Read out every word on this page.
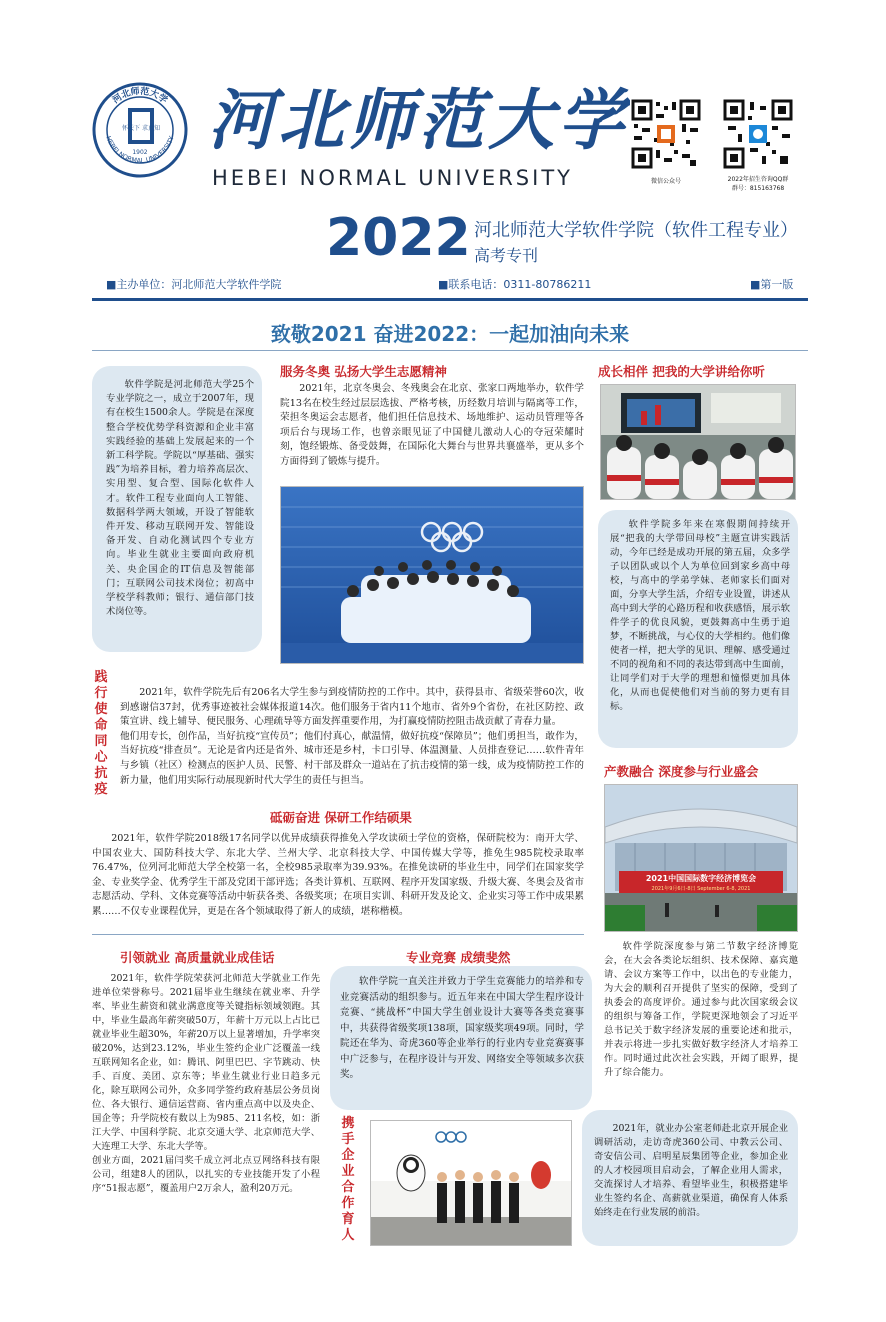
河北师范大学
HEBEI NORMAL UNIVERSITY
怀天下 求真知
1902 河北师范大学
HEBEI NORMAL UNIVERSITY	微信公众号	2022年招生咨询QQ群
群号：815163768
2022 河北师范大学软件学院（软件工程专业）
高考专刊
■主办单位：河北师范大学软件学院	■联系电话：0311-80786211	■第一版
致敬2021 奋进2022：一起加油向未来

软件学院是河北师范大学25个专业学院之一，成立于2007年，现有在校生1500余人。学院是在深度整合学校优势学科资源和企业丰富实践经验的基础上发展起来的一个新工科学院。学院以“厚基础、强实践”为培养目标，着力培养高层次、实用型、复合型、国际化软件人才。软件工程专业面向人工智能、数据科学两大领域，开设了智能软件开发、移动互联网开发、智能设备开发、自动化测试四个专业方向。毕业生就业主要面向政府机关、央企国企的IT信息及智能部门；互联网公司技术岗位；初高中学校学科教师；银行、通信部门技术岗位等。

服务冬奥 弘扬大学生志愿精神

2021年，北京冬奥会、冬残奥会在北京、张家口两地举办，软件学院13名在校生经过层层选拔、严格考核，历经数月培训与隔离等工作，荣担冬奥运会志愿者，他们担任信息技术、场地维护、运动员管理等各项后台与现场工作，也曾亲眼见证了中国健儿激动人心的夺冠荣耀时刻，饱经锻炼、备受鼓舞，在国际化大舞台与世界共襄盛举，更从多个方面得到了锻炼与提升。

成长相伴 把我的大学讲给你听

软件学院多年来在寒假期间持续开展“把我的大学带回母校”主题宣讲实践活动，今年已经是成功开展的第五届，众多学子以团队或以个人为单位回到家乡高中母校，与高中的学弟学妹、老师家长们面对面，分享大学生活，介绍专业设置，讲述从高中到大学的心路历程和收获感悟，展示软件学子的优良风貌，更鼓舞高中生勇于追梦，不断挑战，与心仪的大学相约。他们像使者一样，把大学的见识、理解、感受通过不同的视角和不同的表达带到高中生面前，让同学们对于大学的理想和憧憬更加具体化，从而也促使他们对当前的努力更有目标。

践行使命 同心抗疫

2021年，软件学院先后有206名大学生参与到疫情防控的工作中。其中，获得县市、省级荣誉60次，收到感谢信37封，优秀事迹被社会媒体报道14次。他们服务于省内11个地市、省外9个省份，在社区防控、政策宣讲、线上辅导、便民服务、心理疏导等方面发挥重要作用，为打赢疫情防控阻击战贡献了青春力量。
他们用专长，创作品，当好抗疫“宣传员”；他们付真心，献温情，做好抗疫“保障员”；他们勇担当，敢作为，当好抗疫“排查员”。无论是省内还是省外、城市还是乡村，卡口引导、体温测量、人员排查登记……软件青年与乡镇（社区）检测点的医护人员、民警、村干部及群众一道站在了抗击疫情的第一线，成为疫情防控工作的新力量，他们用实际行动展现新时代大学生的责任与担当。

砥砺奋进 保研工作结硕果

2021年，软件学院2018级17名同学以优异成绩获得推免入学攻读硕士学位的资格，保研院校为：南开大学、中国农业大、国防科技大学、东北大学、兰州大学、北京科技大学、中国传媒大学等，推免生985院校录取率76.47%，位列河北师范大学全校第一名，全校985录取率为39.93%。在推免读研的毕业生中，同学们在国家奖学金、专业奖学金、优秀学生干部及党团干部评选；各类计算机、互联网、程序开发国家级、升级大赛、冬奥会及省市志愿活动、学科、文体竞赛等活动中斩获各类、各级奖项；在项目实训、科研开发及论文、企业实习等工作中成果累累……不仅专业课程优异，更是在各个领域取得了新人的成绩，堪称楷模。

产教融合 深度参与行业盛会
2021中国国际数字经济博览会
2021年9月6日-8日 September 6-8, 2021

软件学院深度参与第二节数字经济博览会，在大会各类论坛组织、技术保障、嘉宾邀请、会议方案等工作中，以出色的专业能力，为大会的顺利召开提供了坚实的保障，受到了执委会的高度评价。通过参与此次国家级会议的组织与筹备工作，学院更深地领会了习近平总书记关于数字经济发展的重要论述和批示，并表示将进一步扎实做好数字经济人才培养工作。同时通过此次社会实践，开阔了眼界，提升了综合能力。

引领就业 高质量就业成佳话

2021年，软件学院荣获河北师范大学就业工作先进单位荣誉称号。2021届毕业生继续在就业率、升学率、毕业生薪资和就业满意度等关键指标领域领跑。其中，毕业生最高年薪突破50万，年薪十万元以上占比已就业毕业生超30%，年薪20万以上显著增加，升学率突破20%，达到23.12%，毕业生签约企业广泛覆盖一线互联网知名企业，如：腾讯、阿里巴巴、字节跳动、快手、百度、美团、京东等；毕业生就业行业日趋多元化，除互联网公司外，众多同学签约政府基层公务员岗位、各大银行、通信运营商、省内重点高中以及央企、国企等；升学院校有数以上为985、211名校，如：浙江大学、中国科学院、北京交通大学、北京师范大学、大连理工大学、东北大学等。
创业方面，2021届闫奖千成立河北点豆网络科技有限公司，组建8人的团队，以扎实的专业技能开发了小程序“51报志愿”，覆盖用户2万余人，盈利20万元。

专业竞赛 成绩斐然

软件学院一直关注并致力于学生竞赛能力的培养和专业竞赛活动的组织参与。近五年来在中国大学生程序设计竞赛、“挑战杯”中国大学生创业设计大赛等各类竞赛事中，共获得省级奖项138项，国家级奖项49项。同时，学院还在华为、奇虎360等企业举行的行业内专业竞赛赛事中广泛参与，在程序设计与开发、网络安全等领域多次获奖。

携手企业 合作育人

2021年，就业办公室老师赴北京开展企业调研活动，走访奇虎360公司、中教云公司、奇安信公司、启明星辰集团等企业，参加企业的人才校园项目启动会，了解企业用人需求，交流探讨人才培养、看望毕业生，积极搭建毕业生签约名企、高薪就业渠道，确保育人体系始终走在行业发展的前沿。
